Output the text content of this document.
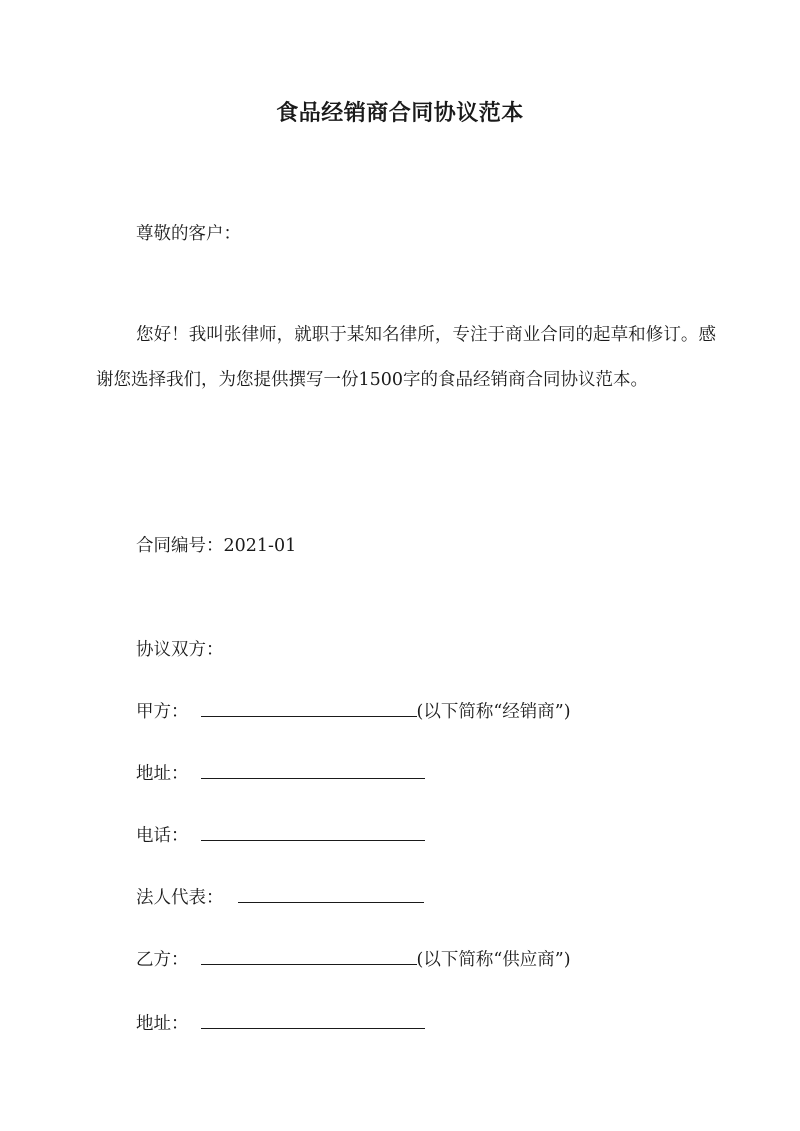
食品经销商合同协议范本

尊敬的客户：

您好！我叫张律师，就职于某知名律所，专注于商业合同的起草和修订。感谢您选择我们，为您提供撰写一份1500字的食品经销商合同协议范本。

合同编号：2021-01

协议双方：

甲方：	(以下简称“经销商”)
地址：
电话：
法人代表：
乙方：	(以下简称“供应商”)
地址：
